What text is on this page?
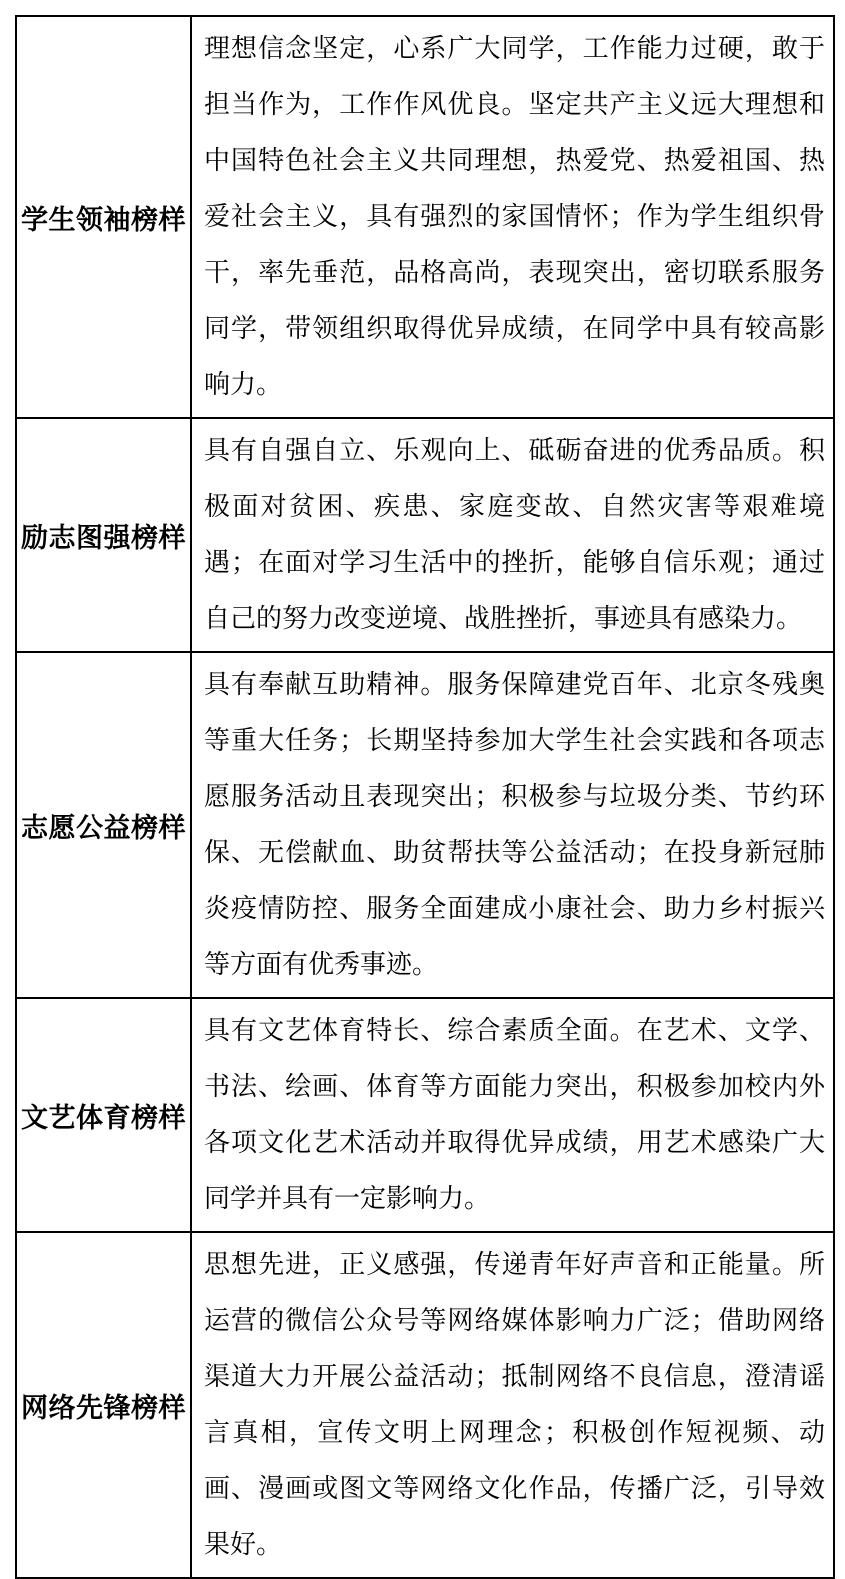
学生领袖榜样	理想信念坚定，心系广大同学，工作能力过硬，敢于担当作为，工作作风优良。坚定共产主义远大理想和中国特色社会主义共同理想，热爱党、热爱祖国、热爱社会主义，具有强烈的家国情怀；作为学生组织骨干，率先垂范，品格高尚，表现突出，密切联系服务同学，带领组织取得优异成绩，在同学中具有较高影响力。

励志图强榜样	具有自强自立、乐观向上、砥砺奋进的优秀品质。积极面对贫困、疾患、家庭变故、自然灾害等艰难境遇；在面对学习生活中的挫折，能够自信乐观；通过自己的努力改变逆境、战胜挫折，事迹具有感染力。

志愿公益榜样	具有奉献互助精神。服务保障建党百年、北京冬残奥等重大任务；长期坚持参加大学生社会实践和各项志愿服务活动且表现突出；积极参与垃圾分类、节约环保、无偿献血、助贫帮扶等公益活动；在投身新冠肺炎疫情防控、服务全面建成小康社会、助力乡村振兴等方面有优秀事迹。

文艺体育榜样	具有文艺体育特长、综合素质全面。在艺术、文学、书法、绘画、体育等方面能力突出，积极参加校内外各项文化艺术活动并取得优异成绩，用艺术感染广大同学并具有一定影响力。

网络先锋榜样	思想先进，正义感强，传递青年好声音和正能量。所运营的微信公众号等网络媒体影响力广泛；借助网络渠道大力开展公益活动；抵制网络不良信息，澄清谣言真相，宣传文明上网理念；积极创作短视频、动画、漫画或图文等网络文化作品，传播广泛，引导效果好。
